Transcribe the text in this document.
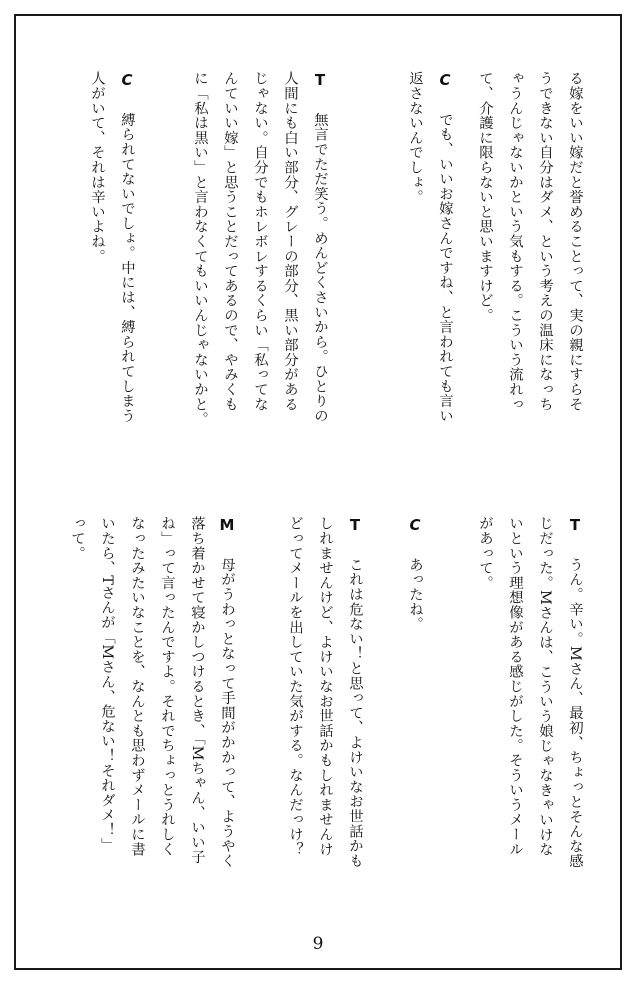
る嫁をいい嫁だと誉めることって、実の親にすらそ
うできない自分はダメ、という考えの温床になっち
ゃうんじゃないかという気もする。こういう流れっ
て、介護に限らないと思いますけど。
C　でも、いいお嫁さんですね、と言われても言い
返さないんでしょ。
T　無言でただ笑う。めんどくさいから。ひとりの
人間にも白い部分、グレーの部分、黒い部分がある
じゃない。自分でもホレボレするくらい「私ってな
んていい嫁」と思うことだってあるので、やみくも
に「私は黒い」と言わなくてもいいんじゃないかと。
C　縛られてないでしょ。中には、縛られてしまう
人がいて、それは辛いよね。
T　うん。辛い。Mさん、最初、ちょっとそんな感
じだった。Mさんは、こういう娘じゃなきゃいけな
いという理想像がある感じがした。そういうメール
があって。
C　あったね。
T　これは危ない！と思って、よけいなお世話かも
しれませんけど、よけいなお世話かもしれませんけ
どってメールを出していた気がする。なんだっけ？
M　母がうわっとなって手間がかかって、ようやく
落ち着かせて寝かしつけるとき、「Mちゃん、いい子
ね」って言ったんですよ。それでちょっとうれしく
なったみたいなことを、なんとも思わずメールに書
いたら、Tさんが「Mさん、危ない！それダメ！」
って。
9
